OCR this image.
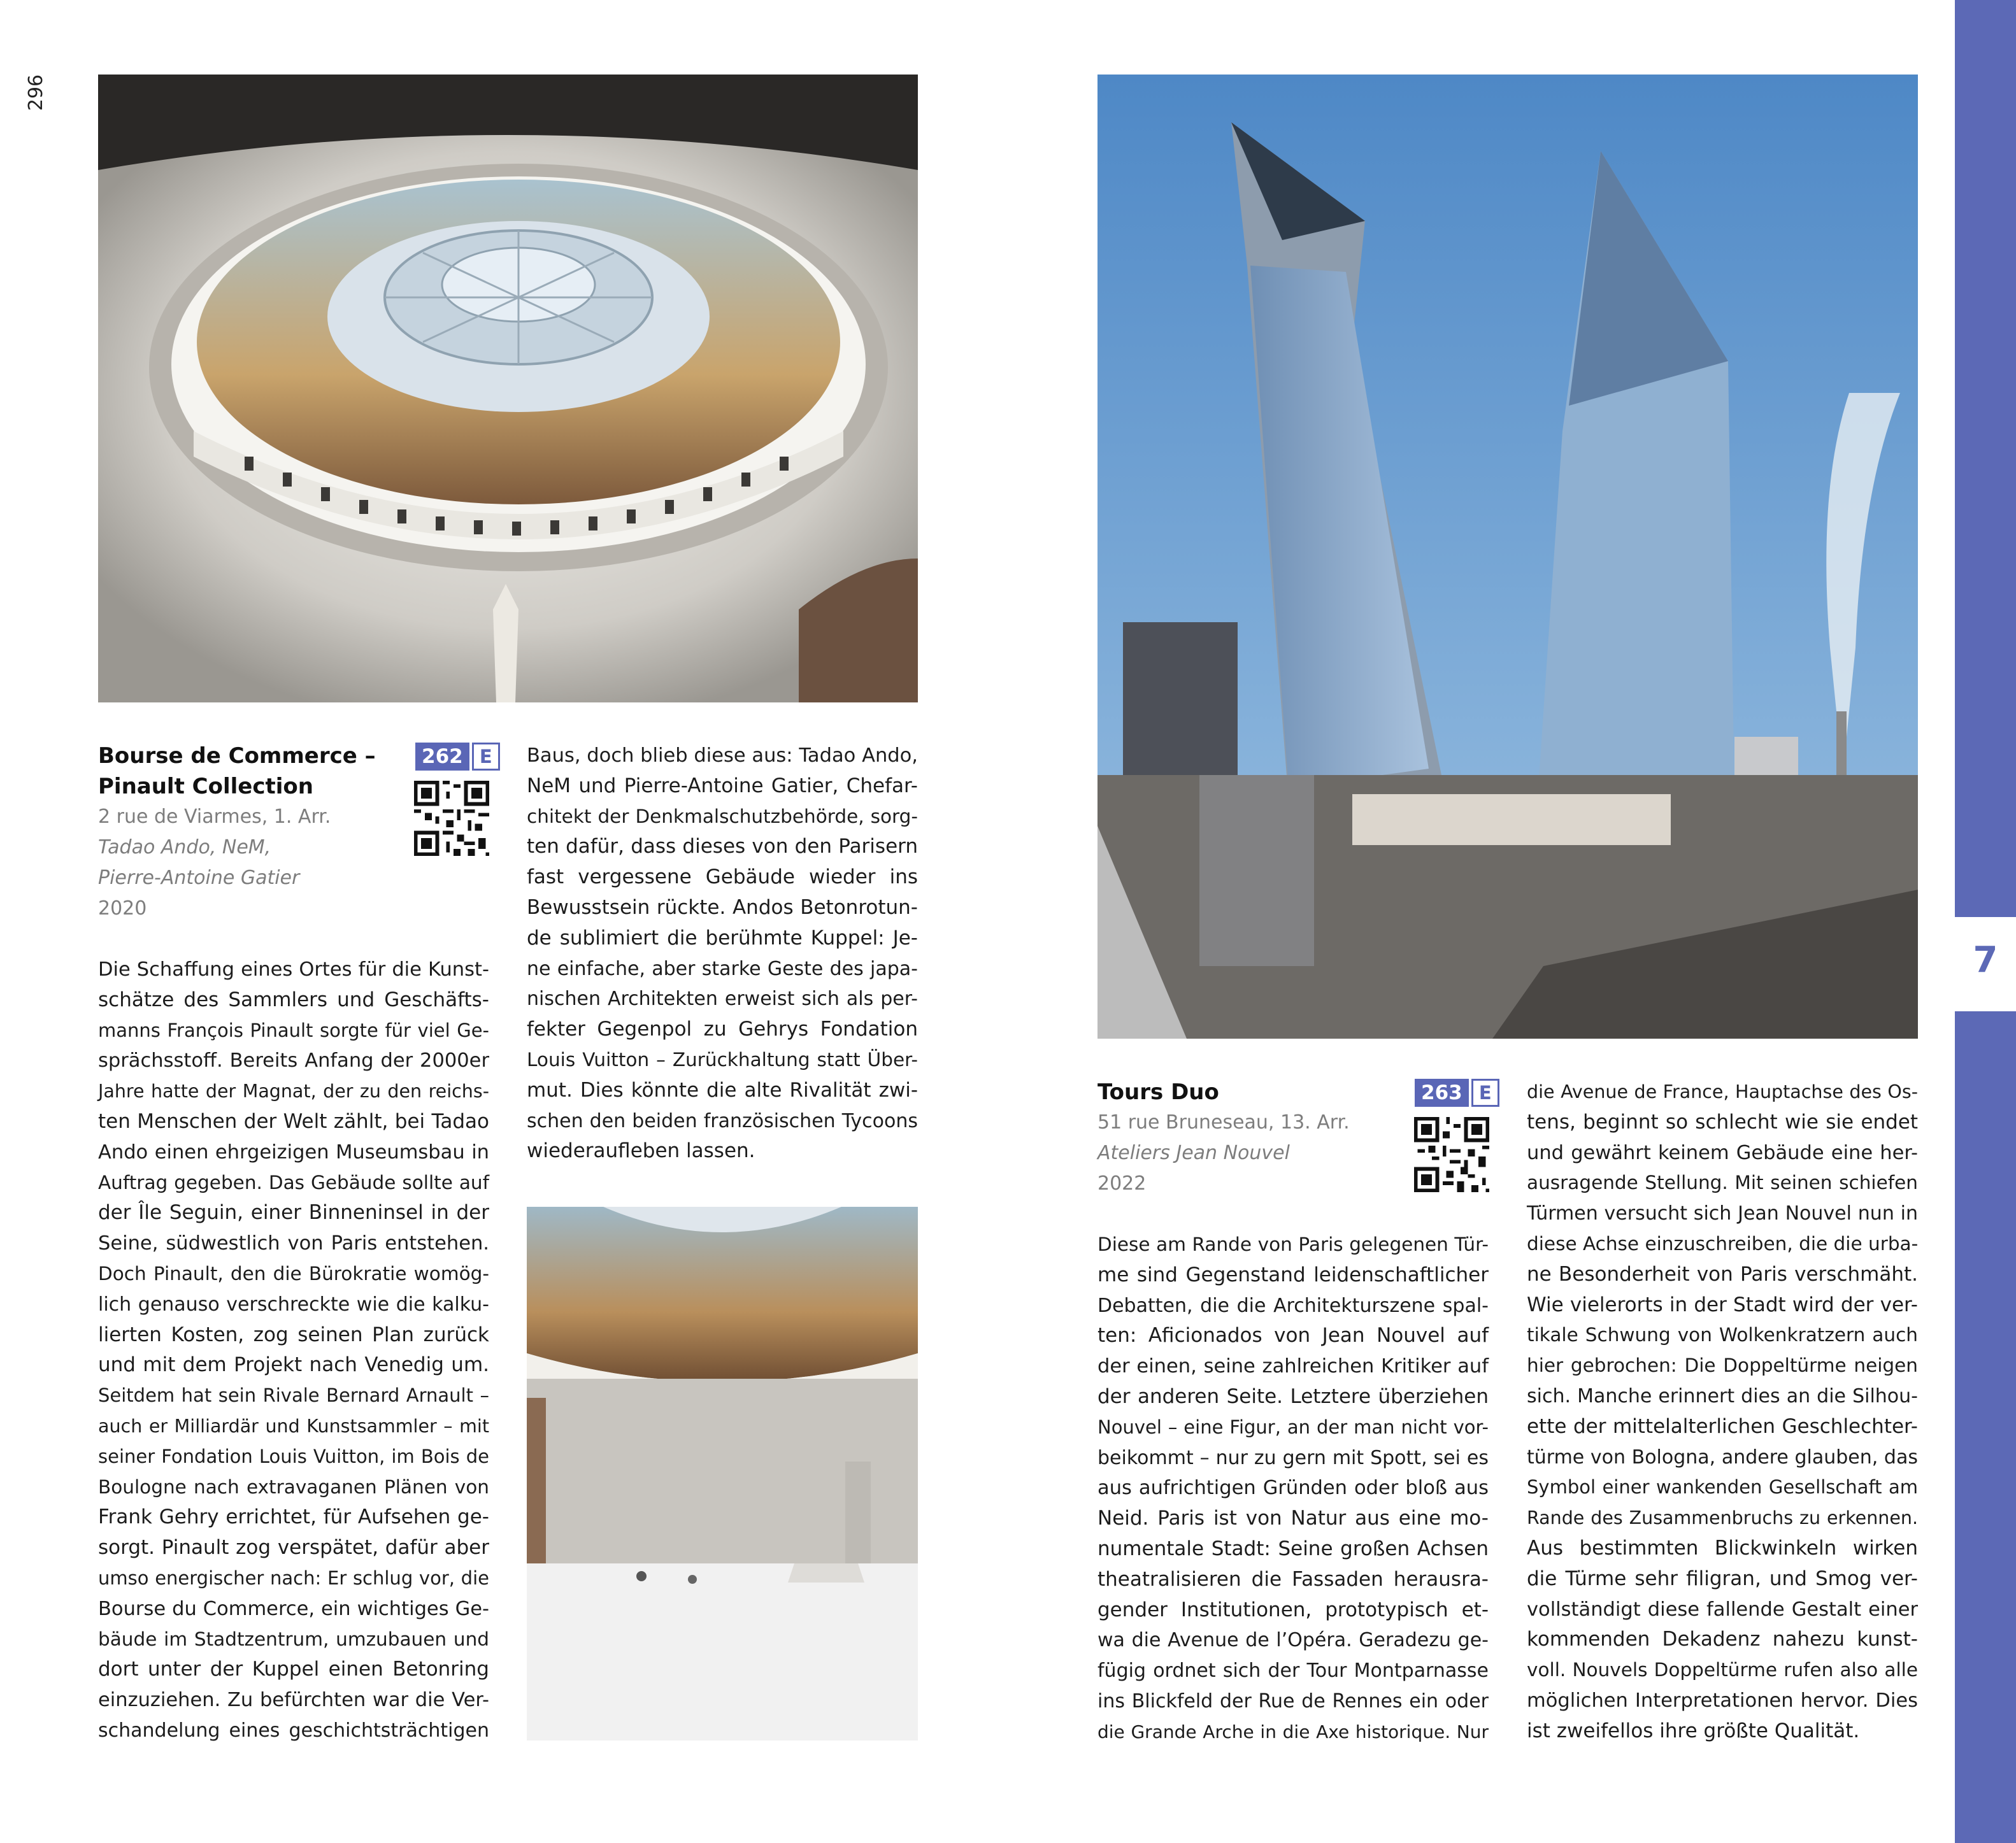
296
7
Bourse de Commerce –
Pinault Collection
2 rue de Viarmes, 1. Arr.
Tadao Ando, NeM,
Pierre-Antoine Gatier
2020
262 E
Die Schaffung eines Ortes für die Kunst-
schätze des Sammlers und Geschäfts-
manns François Pinault sorgte für viel Ge-
sprächsstoff. Bereits Anfang der 2000er
Jahre hatte der Magnat, der zu den reichs-
ten Menschen der Welt zählt, bei Tadao
Ando einen ehrgeizigen Museumsbau in
Auftrag gegeben. Das Gebäude sollte auf
der Île Seguin, einer Binneninsel in der
Seine, südwestlich von Paris entstehen.
Doch Pinault, den die Bürokratie womög-
lich genauso verschreckte wie die kalku-
lierten Kosten, zog seinen Plan zurück
und mit dem Projekt nach Venedig um.
Seitdem hat sein Rivale Bernard Arnault –
auch er Milliardär und Kunstsammler – mit
seiner Fondation Louis Vuitton, im Bois de
Boulogne nach extravaganen Plänen von
Frank Gehry errichtet, für Aufsehen ge-
sorgt. Pinault zog verspätet, dafür aber
umso energischer nach: Er schlug vor, die
Bourse du Commerce, ein wichtiges Ge-
bäude im Stadtzentrum, umzubauen und
dort unter der Kuppel einen Betonring
einzuziehen. Zu befürchten war die Ver-
schandelung eines geschichtsträchtigen
Baus, doch blieb diese aus: Tadao Ando,
NeM und Pierre-Antoine Gatier, Chefar-
chitekt der Denkmalschutzbehörde, sorg-
ten dafür, dass dieses von den Parisern
fast vergessene Gebäude wieder ins
Bewusstsein rückte. Andos Betonrotun-
de sublimiert die berühmte Kuppel: Je-
ne einfache, aber starke Geste des japa-
nischen Architekten erweist sich als per-
fekter Gegenpol zu Gehrys Fondation
Louis Vuitton – Zurückhaltung statt Über-
mut. Dies könnte die alte Rivalität zwi-
schen den beiden französischen Tycoons
wiederaufleben lassen.
Tours Duo
51 rue Bruneseau, 13. Arr.
Ateliers Jean Nouvel
2022
263 E
Diese am Rande von Paris gelegenen Tür-
me sind Gegenstand leidenschaftlicher
Debatten, die die Architekturszene spal-
ten: Aficionados von Jean Nouvel auf
der einen, seine zahlreichen Kritiker auf
der anderen Seite. Letztere überziehen
Nouvel – eine Figur, an der man nicht vor-
beikommt – nur zu gern mit Spott, sei es
aus aufrichtigen Gründen oder bloß aus
Neid. Paris ist von Natur aus eine mo-
numentale Stadt: Seine großen Achsen
theatralisieren die Fassaden herausra-
gender Institutionen, prototypisch et-
wa die Avenue de l’Opéra. Geradezu ge-
fügig ordnet sich der Tour Montparnasse
ins Blickfeld der Rue de Rennes ein oder
die Grande Arche in die Axe historique. Nur
die Avenue de France, Hauptachse des Os-
tens, beginnt so schlecht wie sie endet
und gewährt keinem Gebäude eine her-
ausragende Stellung. Mit seinen schiefen
Türmen versucht sich Jean Nouvel nun in
diese Achse einzuschreiben, die die urba-
ne Besonderheit von Paris verschmäht.
Wie vielerorts in der Stadt wird der ver-
tikale Schwung von Wolkenkratzern auch
hier gebrochen: Die Doppeltürme neigen
sich. Manche erinnert dies an die Silhou-
ette der mittelalterlichen Geschlechter-
türme von Bologna, andere glauben, das
Symbol einer wankenden Gesellschaft am
Rande des Zusammenbruchs zu erkennen.
Aus bestimmten Blickwinkeln wirken
die Türme sehr filigran, und Smog ver-
vollständigt diese fallende Gestalt einer
kommenden Dekadenz nahezu kunst-
voll. Nouvels Doppeltürme rufen also alle
möglichen Interpretationen hervor. Dies
ist zweifellos ihre größte Qualität.
